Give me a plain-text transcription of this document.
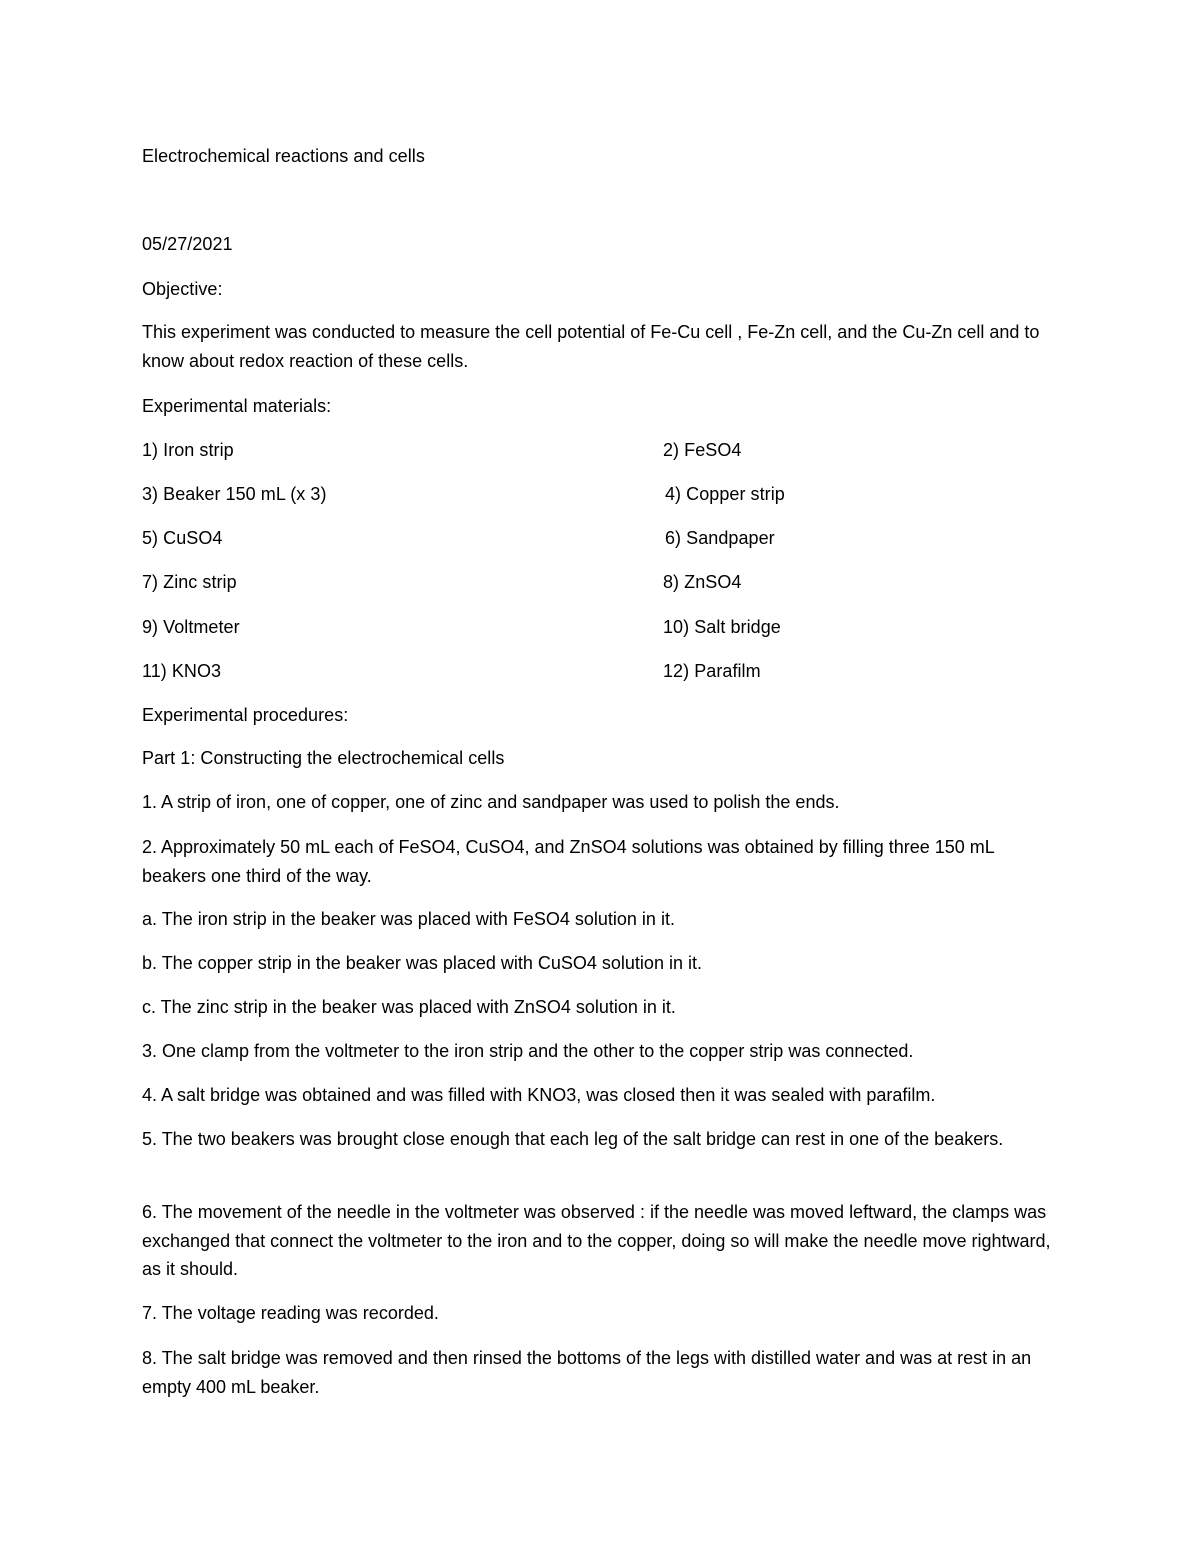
Electrochemical reactions and cells
05/27/2021
Objective:
This experiment was conducted to measure the cell potential of Fe-Cu cell , Fe-Zn cell, and the Cu-Zn cell and to know about redox reaction of these cells.
Experimental materials:
1) Iron strip	2) FeSO4
3) Beaker 150 mL (x 3)	4) Copper strip
5) CuSO4	6) Sandpaper
7) Zinc strip	8) ZnSO4
9) Voltmeter	10) Salt bridge
11) KNO3	12) Parafilm
Experimental procedures:
Part 1: Constructing the electrochemical cells
1. A strip of iron, one of copper, one of zinc and sandpaper was used to polish the ends.
2. Approximately 50 mL each of FeSO4, CuSO4, and ZnSO4 solutions was obtained by filling three 150 mL beakers one third of the way.
a. The iron strip in the beaker was placed with FeSO4 solution in it.
b. The copper strip in the beaker was placed with CuSO4 solution in it.
c. The zinc strip in the beaker was placed with ZnSO4 solution in it.
3. One clamp from the voltmeter to the iron strip and the other to the copper strip was connected.
4. A salt bridge was obtained and was filled with KNO3, was closed then it was sealed with parafilm.
5. The two beakers was brought close enough that each leg of the salt bridge can rest in one of the beakers.
6. The movement of the needle in the voltmeter was observed : if the needle was moved leftward, the clamps was exchanged that connect the voltmeter to the iron and to the copper, doing so will make the needle move rightward, as it should.
7. The voltage reading was recorded.
8. The salt bridge was removed and then rinsed the bottoms of the legs with distilled water and was at rest in an empty 400 mL beaker.
